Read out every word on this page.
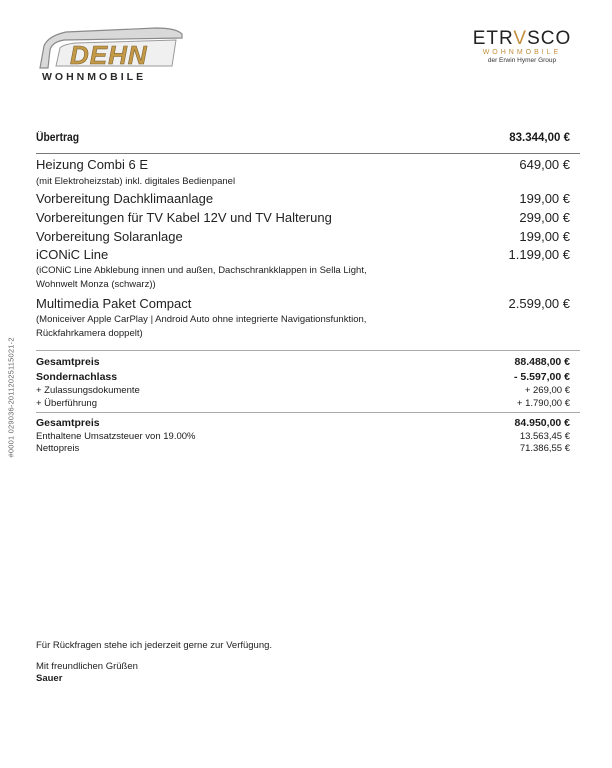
#0001 029036-20112025115021-2
DEHN
WOHNMOBILE
ETRVSCO
WOHNMOBILE
der Erwin Hymer Group
Übertrag	83.344,00 €
Heizung Combi 6 E	649,00 €
(mit Elektroheizstab) inkl. digitales Bedienpanel
Vorbereitung Dachklimaanlage	199,00 €
Vorbereitungen für TV Kabel 12V und TV Halterung	299,00 €
Vorbereitung Solaranlage	199,00 €
iCONiC Line	1.199,00 €
(iCONiC Line Abklebung innen und außen, Dachschrankklappen in Sella Light,
Wohnwelt Monza (schwarz))
Multimedia Paket Compact	2.599,00 €
(Moniceiver Apple CarPlay | Android Auto ohne integrierte Navigationsfunktion,
Rückfahrkamera doppelt)
Gesamtpreis	88.488,00 €
Sondernachlass	- 5.597,00 €
+ Zulassungsdokumente	+ 269,00 €
+ Überführung	+ 1.790,00 €
Gesamtpreis	84.950,00 €
Enthaltene Umsatzsteuer von 19.00%	13.563,45 €
Nettopreis	71.386,55 €
Für Rückfragen stehe ich jederzeit gerne zur Verfügung.
Mit freundlichen Grüßen
Sauer
